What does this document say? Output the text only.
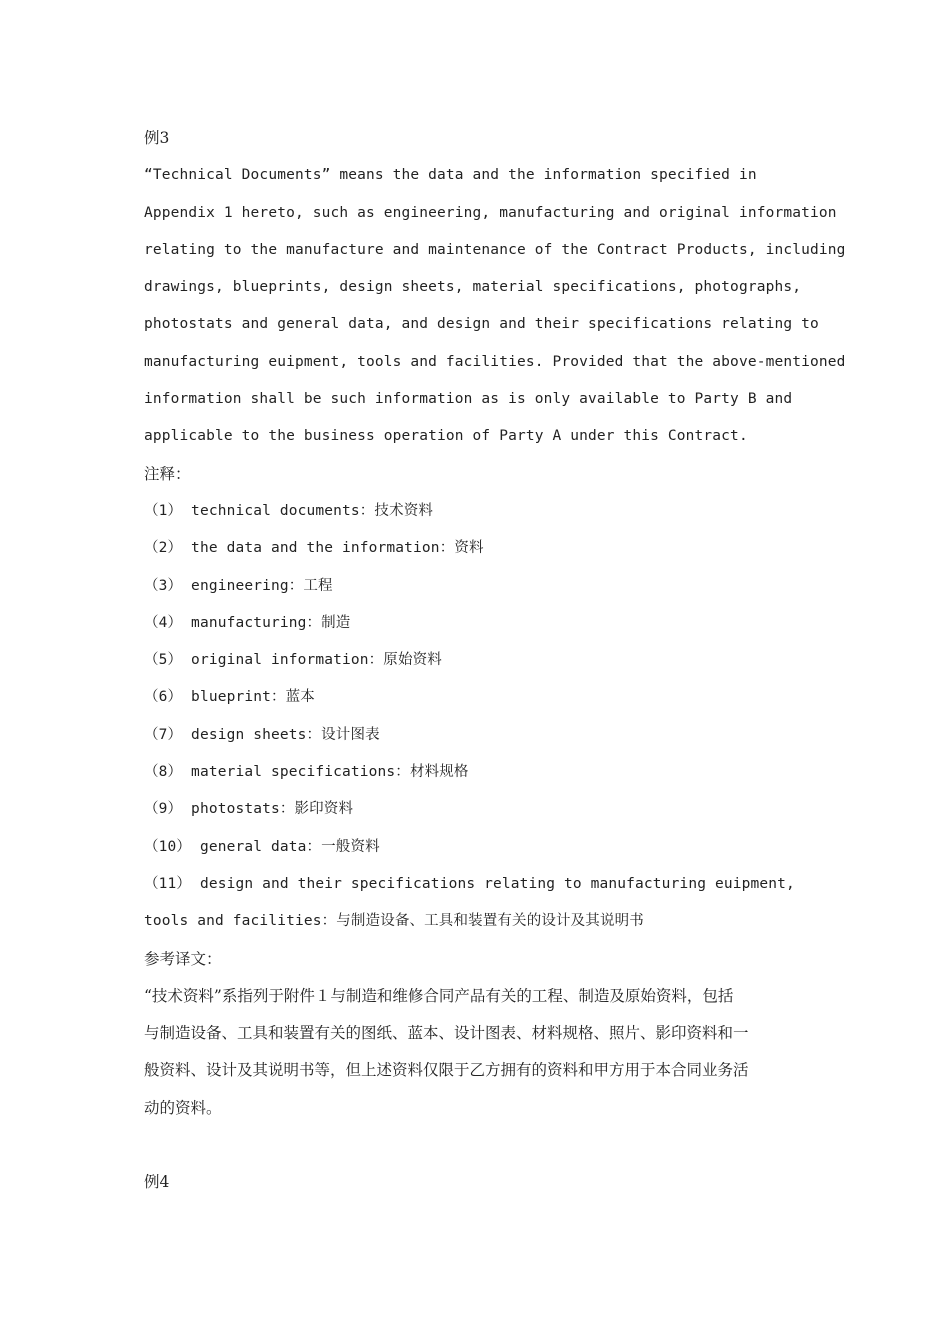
例3
“Technical Documents” means the data and the information specified in
Appendix 1 hereto, such as engineering, manufacturing and original information
relating to the manufacture and maintenance of the Contract Products, including
drawings, blueprints, design sheets, material specifications, photographs,
photostats and general data, and design and their specifications relating to
manufacturing euipment, tools and facilities. Provided that the above-mentioned
information shall be such information as is only available to Party B and
applicable to the business operation of Party A under this Contract.
注释：
（1） technical documents：技术资料
（2） the data and the information：资料
（3） engineering：工程
（4） manufacturing：制造
（5） original information：原始资料
（6） blueprint：蓝本
（7） design sheets：设计图表
（8） material specifications：材料规格
（9） photostats：影印资料
（10） general data：一般资料
（11） design and their specifications relating to manufacturing euipment,
tools and facilities：与制造设备、工具和装置有关的设计及其说明书
参考译文：
“技术资料”系指列于附件１与制造和维修合同产品有关的工程、制造及原始资料，包括
与制造设备、工具和装置有关的图纸、蓝本、设计图表、材料规格、照片、影印资料和一
般资料、设计及其说明书等，但上述资料仅限于乙方拥有的资料和甲方用于本合同业务活
动的资料。
例4
